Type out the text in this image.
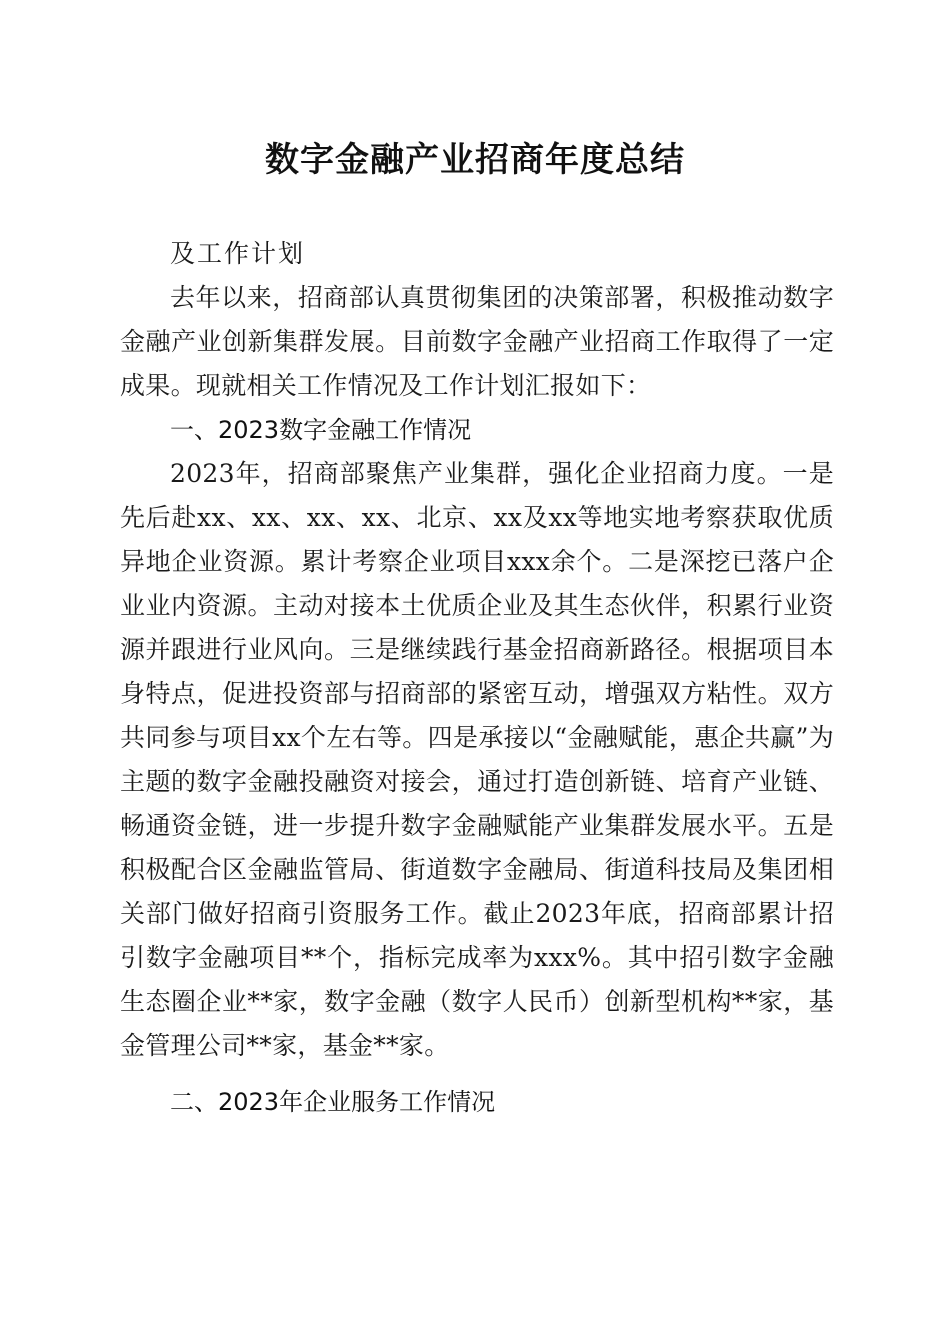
数字金融产业招商年度总结

及工作计划

去年以来，招商部认真贯彻集团的决策部署，积极推动数字金融产业创新集群发展。目前数字金融产业招商工作取得了一定成果。现就相关工作情况及工作计划汇报如下：

一、2023数字金融工作情况

2023年，招商部聚焦产业集群，强化企业招商力度。一是先后赴xx、xx、xx、xx、北京、xx及xx等地实地考察获取优质异地企业资源。累计考察企业项目xxx余个。二是深挖已落户企业业内资源。主动对接本土优质企业及其生态伙伴，积累行业资源并跟进行业风向。三是继续践行基金招商新路径。根据项目本身特点，促进投资部与招商部的紧密互动，增强双方粘性。双方共同参与项目xx个左右等。四是承接以“金融赋能，惠企共赢”为主题的数字金融投融资对接会，通过打造创新链、培育产业链、畅通资金链，进一步提升数字金融赋能产业集群发展水平。五是积极配合区金融监管局、街道数字金融局、街道科技局及集团相关部门做好招商引资服务工作。截止2023年底，招商部累计招引数字金融项目**个，指标完成率为xxx%。其中招引数字金融生态圈企业**家，数字金融（数字人民币）创新型机构**家，基金管理公司**家，基金**家。

二、2023年企业服务工作情况
